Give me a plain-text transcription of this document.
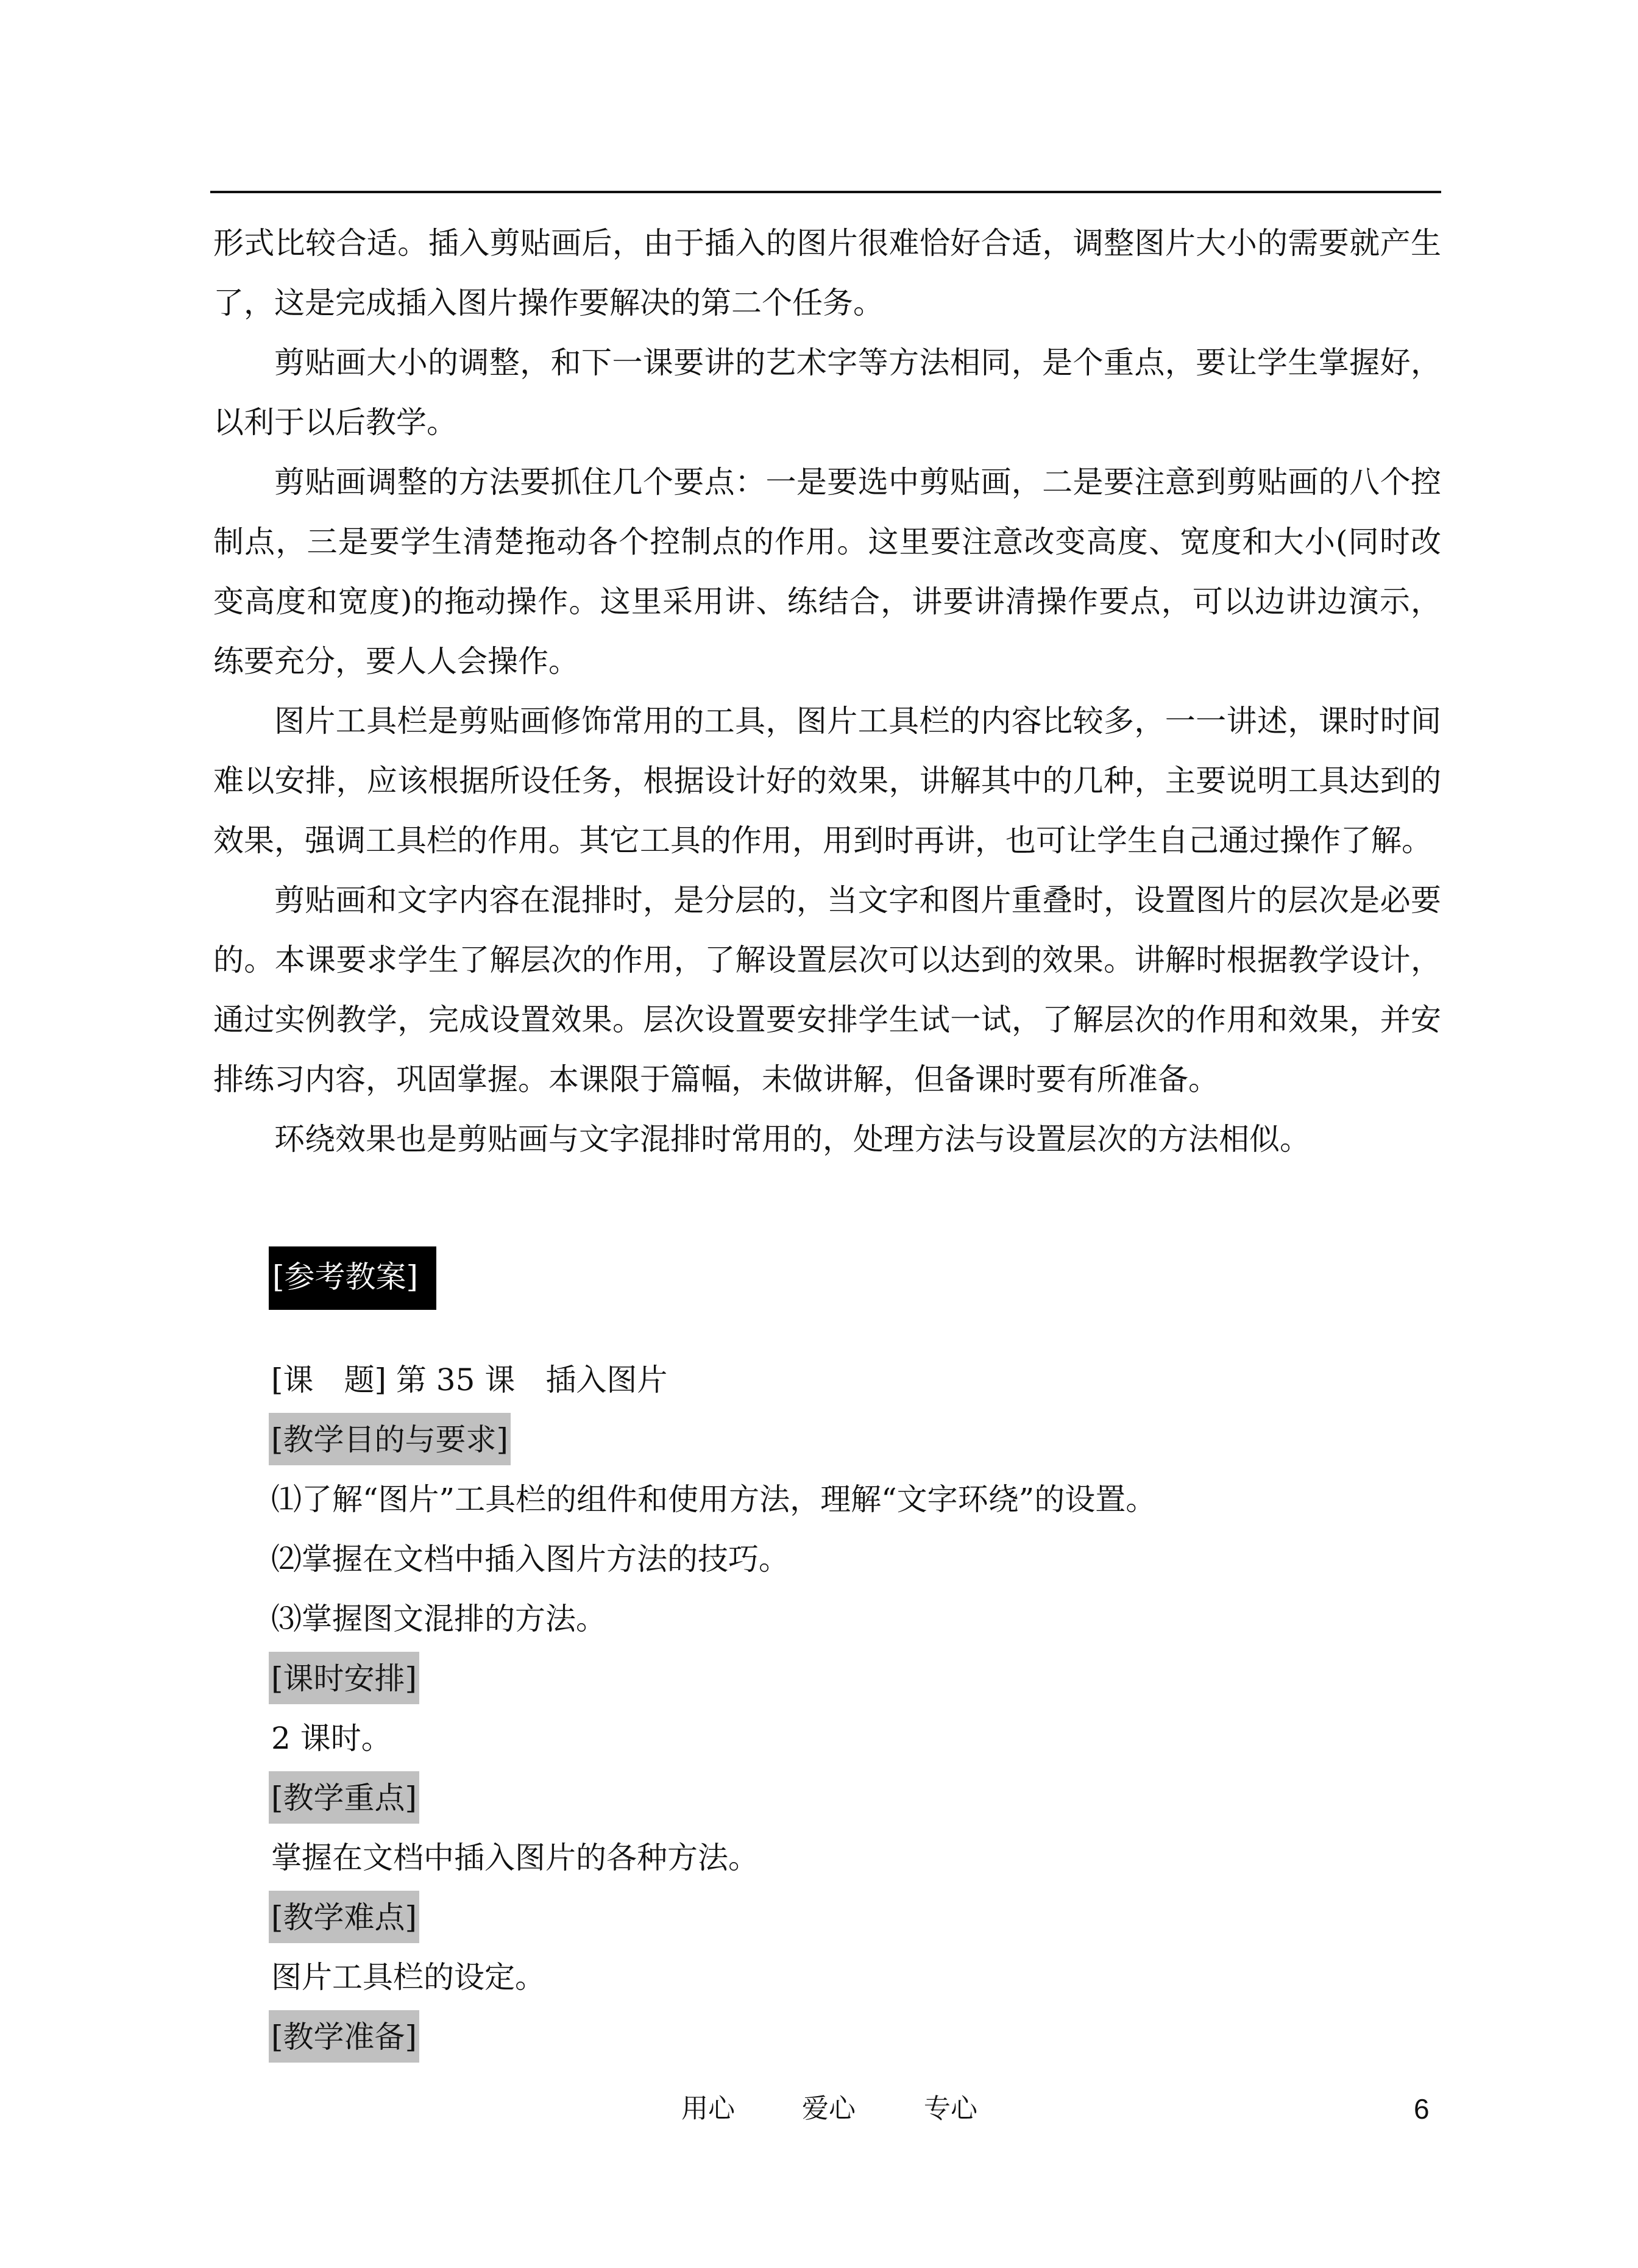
形式比较合适。插入剪贴画后，由于插入的图片很难恰好合适，调整图片大小的需要就产生了，这是完成插入图片操作要解决的第二个任务。

剪贴画大小的调整，和下一课要讲的艺术字等方法相同，是个重点，要让学生掌握好，以利于以后教学。

剪贴画调整的方法要抓住几个要点：一是要选中剪贴画，二是要注意到剪贴画的八个控制点，三是要学生清楚拖动各个控制点的作用。这里要注意改变高度、宽度和大小(同时改变高度和宽度)的拖动操作。这里采用讲、练结合，讲要讲清操作要点，可以边讲边演示，练要充分，要人人会操作。

图片工具栏是剪贴画修饰常用的工具，图片工具栏的内容比较多，一一讲述，课时时间难以安排，应该根据所设任务，根据设计好的效果，讲解其中的几种，主要说明工具达到的效果，强调工具栏的作用。其它工具的作用，用到时再讲，也可让学生自己通过操作了解。

剪贴画和文字内容在混排时，是分层的，当文字和图片重叠时，设置图片的层次是必要的。本课要求学生了解层次的作用，了解设置层次可以达到的效果。讲解时根据教学设计，通过实例教学，完成设置效果。层次设置要安排学生试一试，了解层次的作用和效果，并安排练习内容，巩固掌握。本课限于篇幅，未做讲解，但备课时要有所准备。

环绕效果也是剪贴画与文字混排时常用的，处理方法与设置层次的方法相似。

[参考教案]
[课　题] 第 35 课　插入图片
[教学目的与要求]
⑴了解“图片”工具栏的组件和使用方法，理解“文字环绕”的设置。
⑵掌握在文档中插入图片方法的技巧。
⑶掌握图文混排的方法。
[课时安排]
2 课时。
[教学重点]
掌握在文档中插入图片的各种方法。
[教学难点]
图片工具栏的设定。
[教学准备]
用心	爱心	专心	6
